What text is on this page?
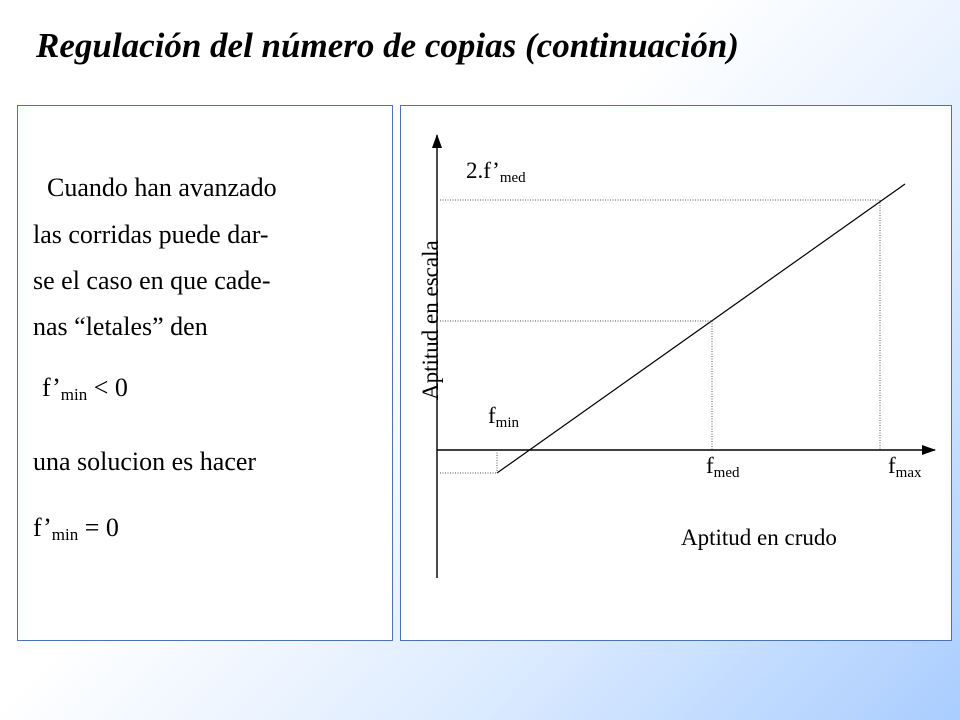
Regulación del número de copias (continuación)
Cuando han avanzado
las corridas puede dar-
se el caso en que cade-
nas “letales” den
$f’_{min} < 0$
una solucion es hacer
$f’_{min} = 0$
Aptitud en escala
Aptitud en crudo
$2.f’_{med}$
$f_{min}$
$f_{med}$	$f_{max}$
